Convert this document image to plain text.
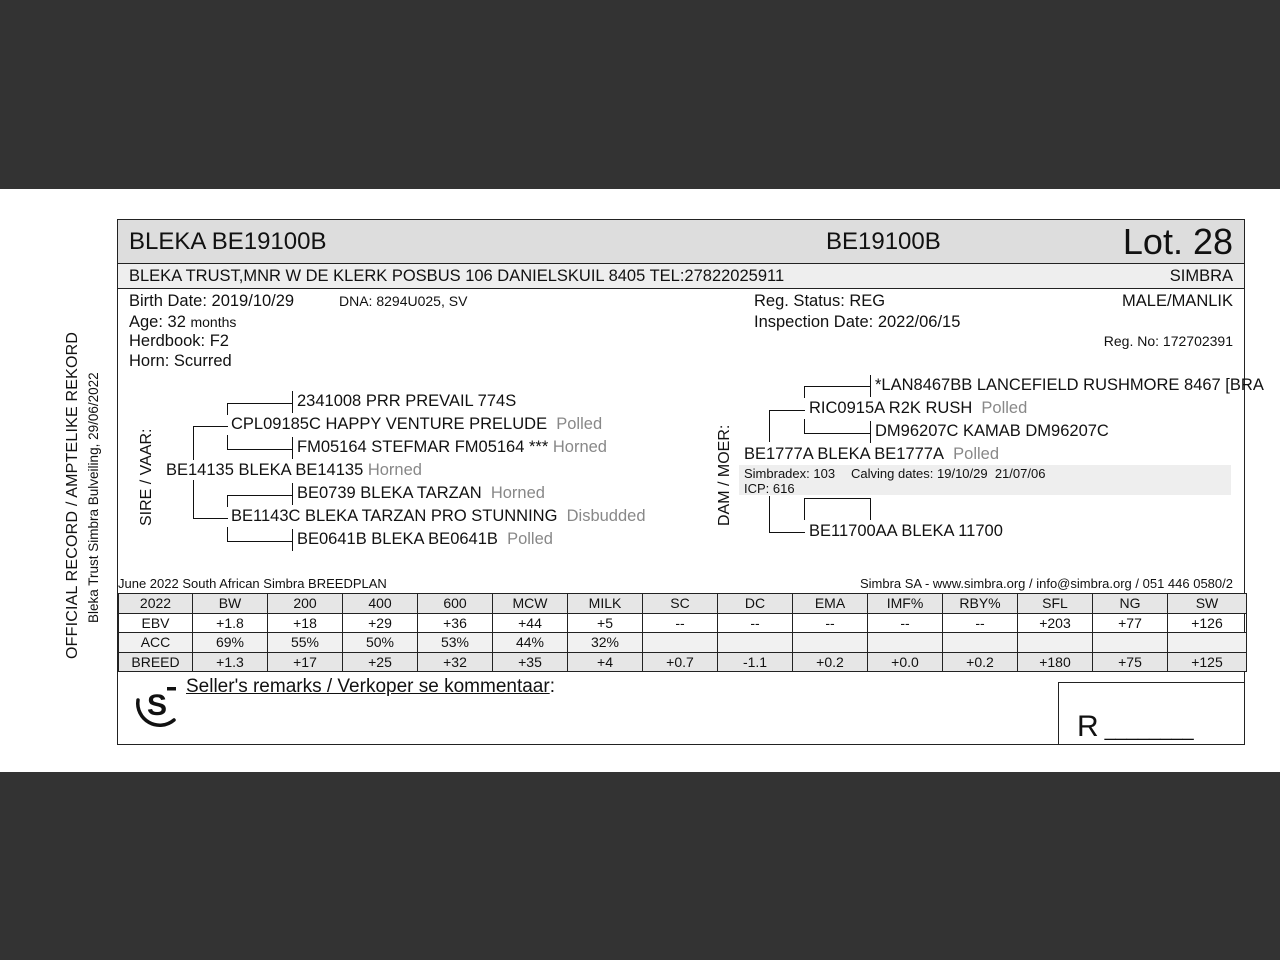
OFFICIAL RECORD / AMPTELIKE REKORD Bleka Trust Simbra Bulveiling, 29/06/2022
BLEKA BE19100B	BE19100B	Lot. 28
BLEKA TRUST,MNR W DE KLERK POSBUS 106 DANIELSKUIL 8405 TEL:27822025911	SIMBRA
Birth Date: 2019/10/29	DNA: 8294U025, SV
Age: 32 months
Herdbook: F2
Horn: Scurred
Reg. Status: REG
Inspection Date: 2022/06/15
MALE/MANLIK
Reg. No: 172702391
SIRE / VAAR: BE14135 BLEKA BE14135 Horned
CPL09185C HAPPY VENTURE PRELUDE Polled
2341008 PRR PREVAIL 774S
FM05164 STEFMAR FM05164 *** Horned
BE1143C BLEKA TARZAN PRO STUNNING Disbudded
BE0739 BLEKA TARZAN Horned
BE0641B BLEKA BE0641B Polled
DAM / MOER: BE1777A BLEKA BE1777A Polled
RIC0915A R2K RUSH Polled
*LAN8467BB LANCEFIELD RUSHMORE 8467 [BRA
DM96207C KAMAB DM96207C
BE11700AA BLEKA 11700
Simbradex: 103 Calving dates: 19/10/29  21/07/06
ICP: 616
June 2022 South African Simbra BREEDPLAN	Simbra SA - www.simbra.org / info@simbra.org / 051 446 0580/2
2022	BW	200	400	600	MCW	MILK	SC	DC	EMA	IMF%	RBY%	SFL	NG	SW
EBV	+1.8	+18	+29	+36	+44	+5	--	--	--	--	--	+203	+77	+126
ACC	69%	55%	50%	53%	44%	32%								
BREED	+1.3	+17	+25	+32	+35	+4	+0.7	-1.1	+0.2	+0.0	+0.2	+180	+75	+125
S
Seller's remarks / Verkoper se kommentaar:
R ________
